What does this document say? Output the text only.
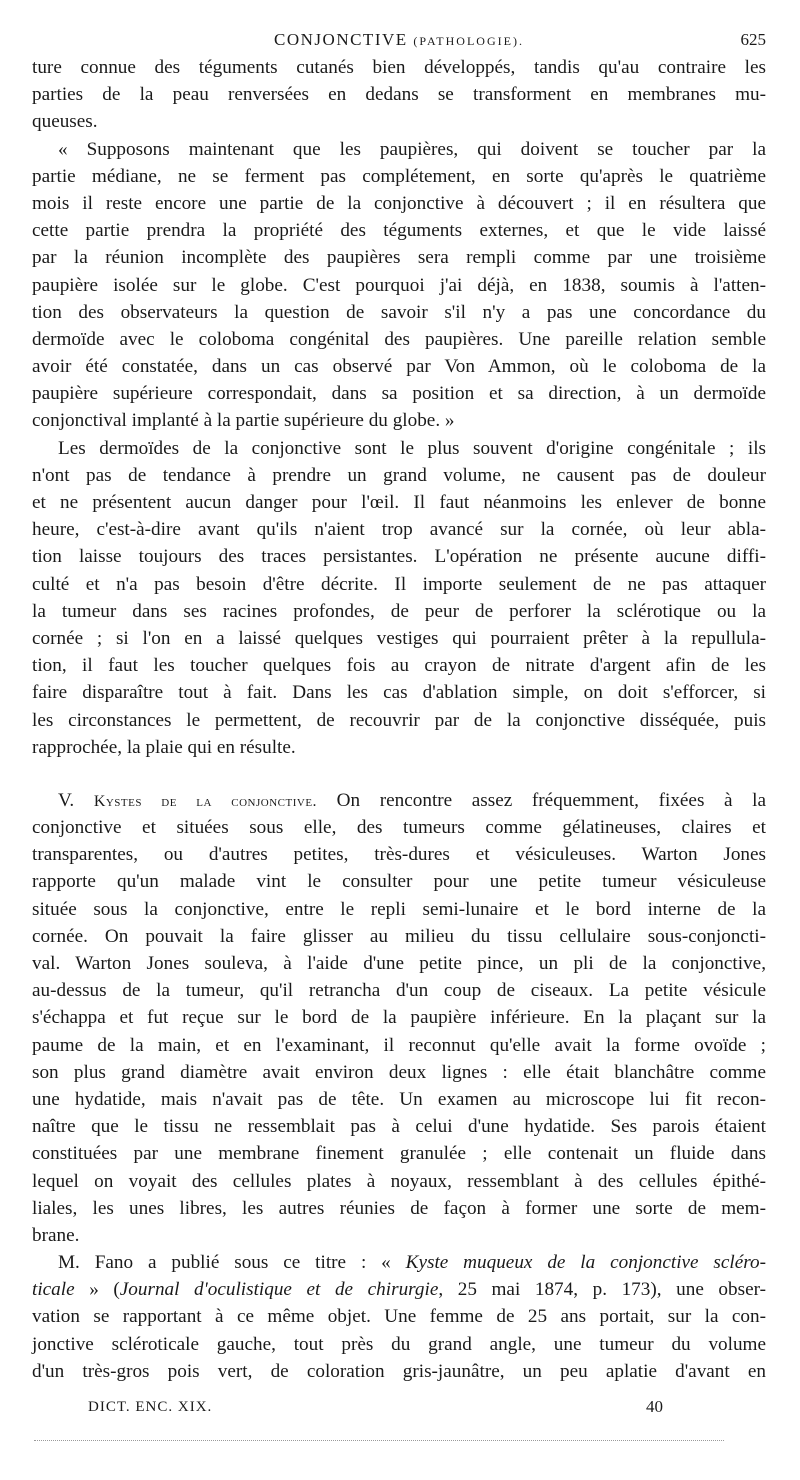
CONJONCTIVE (PATHOLOGIE).	625
ture connue des téguments cutanés bien développés, tandis qu'au contraire les
parties de la peau renversées en dedans se transforment en membranes mu-
queuses.
« Supposons maintenant que les paupières, qui doivent se toucher par la
partie médiane, ne se ferment pas complétement, en sorte qu'après le quatrième
mois il reste encore une partie de la conjonctive à découvert ; il en résultera que
cette partie prendra la propriété des téguments externes, et que le vide laissé
par la réunion incomplète des paupières sera rempli comme par une troisième
paupière isolée sur le globe. C'est pourquoi j'ai déjà, en 1838, soumis à l'atten-
tion des observateurs la question de savoir s'il n'y a pas une concordance du
dermoïde avec le coloboma congénital des paupières. Une pareille relation semble
avoir été constatée, dans un cas observé par Von Ammon, où le coloboma de la
paupière supérieure correspondait, dans sa position et sa direction, à un dermoïde
conjonctival implanté à la partie supérieure du globe. »
Les dermoïdes de la conjonctive sont le plus souvent d'origine congénitale ; ils
n'ont pas de tendance à prendre un grand volume, ne causent pas de douleur
et ne présentent aucun danger pour l'œil. Il faut néanmoins les enlever de bonne
heure, c'est-à-dire avant qu'ils n'aient trop avancé sur la cornée, où leur abla-
tion laisse toujours des traces persistantes. L'opération ne présente aucune diffi-
culté et n'a pas besoin d'être décrite. Il importe seulement de ne pas attaquer
la tumeur dans ses racines profondes, de peur de perforer la sclérotique ou la
cornée ; si l'on en a laissé quelques vestiges qui pourraient prêter à la repullula-
tion, il faut les toucher quelques fois au crayon de nitrate d'argent afin de les
faire disparaître tout à fait. Dans les cas d'ablation simple, on doit s'efforcer, si
les circonstances le permettent, de recouvrir par de la conjonctive disséquée, puis
rapprochée, la plaie qui en résulte.
V. Kystes de la conjonctive. On rencontre assez fréquemment, fixées à la
conjonctive et situées sous elle, des tumeurs comme gélatineuses, claires et
transparentes, ou d'autres petites, très-dures et vésiculeuses. Warton Jones
rapporte qu'un malade vint le consulter pour une petite tumeur vésiculeuse
située sous la conjonctive, entre le repli semi-lunaire et le bord interne de la
cornée. On pouvait la faire glisser au milieu du tissu cellulaire sous-conjoncti-
val. Warton Jones souleva, à l'aide d'une petite pince, un pli de la conjonctive,
au-dessus de la tumeur, qu'il retrancha d'un coup de ciseaux. La petite vésicule
s'échappa et fut reçue sur le bord de la paupière inférieure. En la plaçant sur la
paume de la main, et en l'examinant, il reconnut qu'elle avait la forme ovoïde ;
son plus grand diamètre avait environ deux lignes : elle était blanchâtre comme
une hydatide, mais n'avait pas de tête. Un examen au microscope lui fit recon-
naître que le tissu ne ressemblait pas à celui d'une hydatide. Ses parois étaient
constituées par une membrane finement granulée ; elle contenait un fluide dans
lequel on voyait des cellules plates à noyaux, ressemblant à des cellules épithé-
liales, les unes libres, les autres réunies de façon à former une sorte de mem-
brane.
M. Fano a publié sous ce titre : « Kyste muqueux de la conjonctive scléro-
ticale » (Journal d'oculistique et de chirurgie, 25 mai 1874, p. 173), une obser-
vation se rapportant à ce même objet. Une femme de 25 ans portait, sur la con-
jonctive scléroticale gauche, tout près du grand angle, une tumeur du volume
d'un très-gros pois vert, de coloration gris-jaunâtre, un peu aplatie d'avant en
DICT. ENC. XIX.	40
